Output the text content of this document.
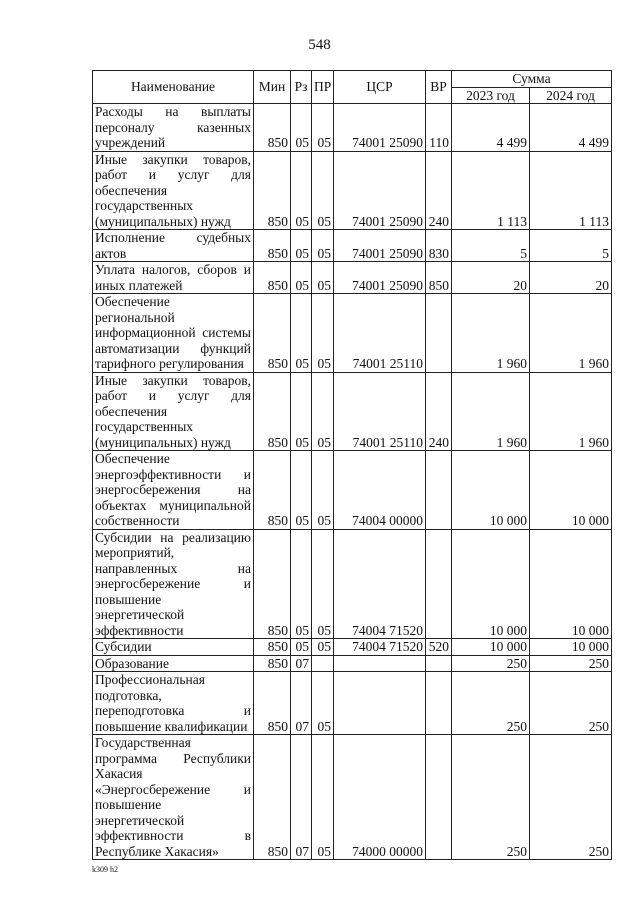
548
Наименование	Мин	Рз	ПР	ЦСР	ВР	Сумма	
						2023 год	2024 год
Расходы на выплаты персоналу казенных учреждений	850	05	05	74001 25090	110	4 499	4 499
Иные закупки товаров, работ и услуг для обеспечения государственных (муниципальных) нужд	850	05	05	74001 25090	240	1 113	1 113
Исполнение судебных актов	850	05	05	74001 25090	830	5	5
Уплата налогов, сборов и иных платежей	850	05	05	74001 25090	850	20	20
Обеспечение региональной информационной системы автоматизации функций тарифного регулирования	850	05	05	74001 25110		1 960	1 960
Иные закупки товаров, работ и услуг для обеспечения государственных (муниципальных) нужд	850	05	05	74001 25110	240	1 960	1 960
Обеспечение энергоэффективности и энергосбережения на объектах муниципальной собственности	850	05	05	74004 00000		10 000	10 000
Субсидии на реализацию мероприятий, направленных на энергосбережение и повышение энергетической эффективности	850	05	05	74004 71520		10 000	10 000
Субсидии	850	05	05	74004 71520	520	10 000	10 000
Образование	850	07				250	250
Профессиональная подготовка, переподготовка и повышение квалификации	850	07	05			250	250
Государственная программа Республики Хакасия «Энергосбережение и повышение энергетической эффективности в Республике Хакасия»	850	07	05	74000 00000		250	250
k309 h2
